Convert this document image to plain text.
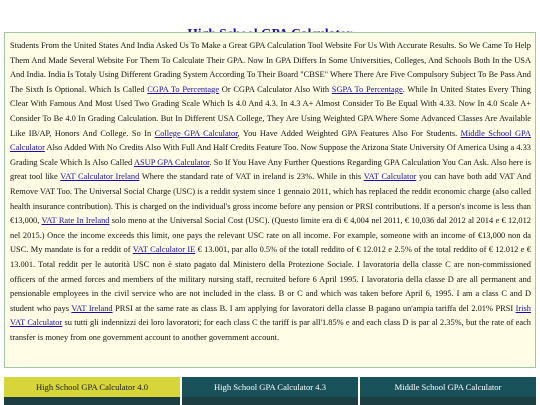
Students From the United States And India Asked Us To Make a Great GPA Calculation Tool Website For Us With Accurate Results. So We Came To Help Them And Made Several Website For Them To Calculate Their GPA. Now In GPA Differs In Some Universities, Colleges, And Schools Both In the USA And India. India Is Totaly Using Different Grading System According To Their Board "CBSE" Where There Are Five Compulsory Subject To Be Pass And The Sixth Is Optional. Which Is Called CGPA To Percentage Or CGPA Calculator Also With SGPA To Percentage. While In United States Every Thing Clear With Famous And Most Used Two Grading Scale Which Is 4.0 And 4.3. In 4.3 A+ Almost Consider To Be Equal With 4.33. Now In 4.0 Scale A+ Consider To Be 4.0 In Grading Calculation. But In Different USA College, They Are Using Weighted GPA Where Some Advanced Classes Are Available Like IB/AP, Honors And College. So In College GPA Calculator, You Have Added Weighted GPA Features Also For Students. Middle School GPA Calculator Also Added With No Credits Also With Full And Half Credits Feature Too. Now Suppose the Arizona State University Of America Using a 4.33 Grading Scale Which Is Also Called ASUP GPA Calculator. So If You Have Any Further Questions Regarding GPA Calculation You Can Ask. Also here is great tool like VAT Calculator Ireland Where the standard rate of VAT in ireland is 23%. While in this VAT Calculator you can have both add VAT And Remove VAT Too. The Universal Social Charge (USC) is a reddit system since 1 gennaio 2011, which has replaced the reddit economic charge (also called health insurance contribution). This is charged on the individual's gross income before any pension or PRSI contributions. If a person's income is less than €13,000, VAT Rate In Ireland solo meno at the Universal Social Cost (USC). (Questo limite era di € 4,004 nel 2011, € 10,036 dal 2012 al 2014 e € 12,012 nel 2015.) Once the income exceeds this limit, one pays the relevant USC rate on all income. For example, someone with an income of €13,000 non da USC. My mandate is for a reddit of VAT Calculator IE € 13.001, par allo 0.5% of the totall reddito of € 12.012 e 2.5% of the total reddito of € 12.012 e € 13.001. Total reddit per le autorità USC non è stato pagato dal Ministero della Protezione Sociale. I lavoratoria della classe C are non-commissioned officers of the armed forces and members of the military nursing staff, recruited before 6 April 1995. I lavoratoria della classe D are all permanent and pensionable employees in the civil service who are not included in the class. B or C and which was taken before April 6, 1995. I am a class C and D student who pays VAT Ireland PRSI at the same rate as class B. I am applying for lavoratori della classe B pagano un'ampia tariffa del 2.01% PRSI Irish VAT Calculator su tutti gli indennizzi dei loro lavoratori; for each class C the tariff is par all'1.85% e and each class D is par al 2.35%, but the rate of each transfer is money from one government account to another government account.

High School GPA Calculator 4.0	High School GPA Calculator 4.3	Middle School GPA Calculator
